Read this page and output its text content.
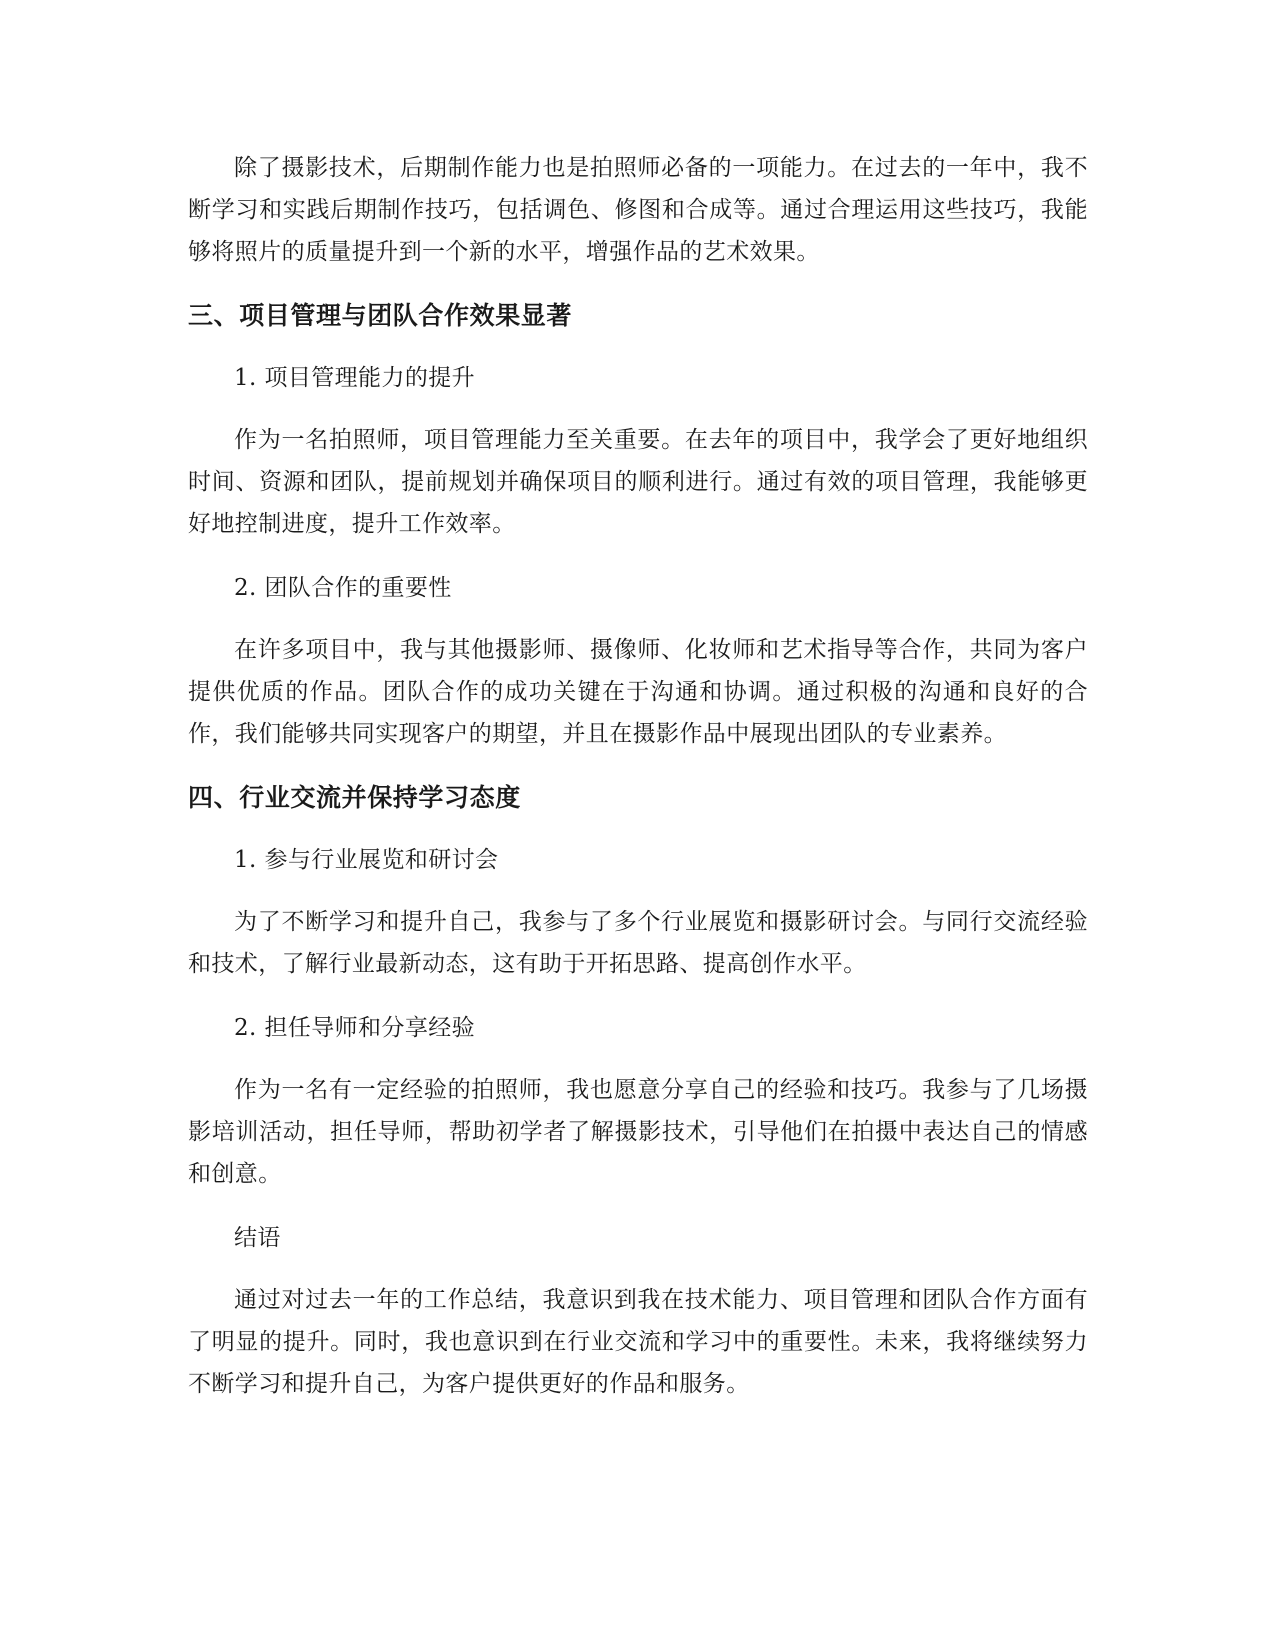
除了摄影技术，后期制作能力也是拍照师必备的一项能力。在过去的一年中，我不断学习和实践后期制作技巧，包括调色、修图和合成等。通过合理运用这些技巧，我能够将照片的质量提升到一个新的水平，增强作品的艺术效果。

三、项目管理与团队合作效果显著

1. 项目管理能力的提升

作为一名拍照师，项目管理能力至关重要。在去年的项目中，我学会了更好地组织时间、资源和团队，提前规划并确保项目的顺利进行。通过有效的项目管理，我能够更好地控制进度，提升工作效率。

2. 团队合作的重要性

在许多项目中，我与其他摄影师、摄像师、化妆师和艺术指导等合作，共同为客户提供优质的作品。团队合作的成功关键在于沟通和协调。通过积极的沟通和良好的合作，我们能够共同实现客户的期望，并且在摄影作品中展现出团队的专业素养。

四、行业交流并保持学习态度

1. 参与行业展览和研讨会

为了不断学习和提升自己，我参与了多个行业展览和摄影研讨会。与同行交流经验和技术，了解行业最新动态，这有助于开拓思路、提高创作水平。

2. 担任导师和分享经验

作为一名有一定经验的拍照师，我也愿意分享自己的经验和技巧。我参与了几场摄影培训活动，担任导师，帮助初学者了解摄影技术，引导他们在拍摄中表达自己的情感和创意。

结语

通过对过去一年的工作总结，我意识到我在技术能力、项目管理和团队合作方面有了明显的提升。同时，我也意识到在行业交流和学习中的重要性。未来，我将继续努力不断学习和提升自己，为客户提供更好的作品和服务。
